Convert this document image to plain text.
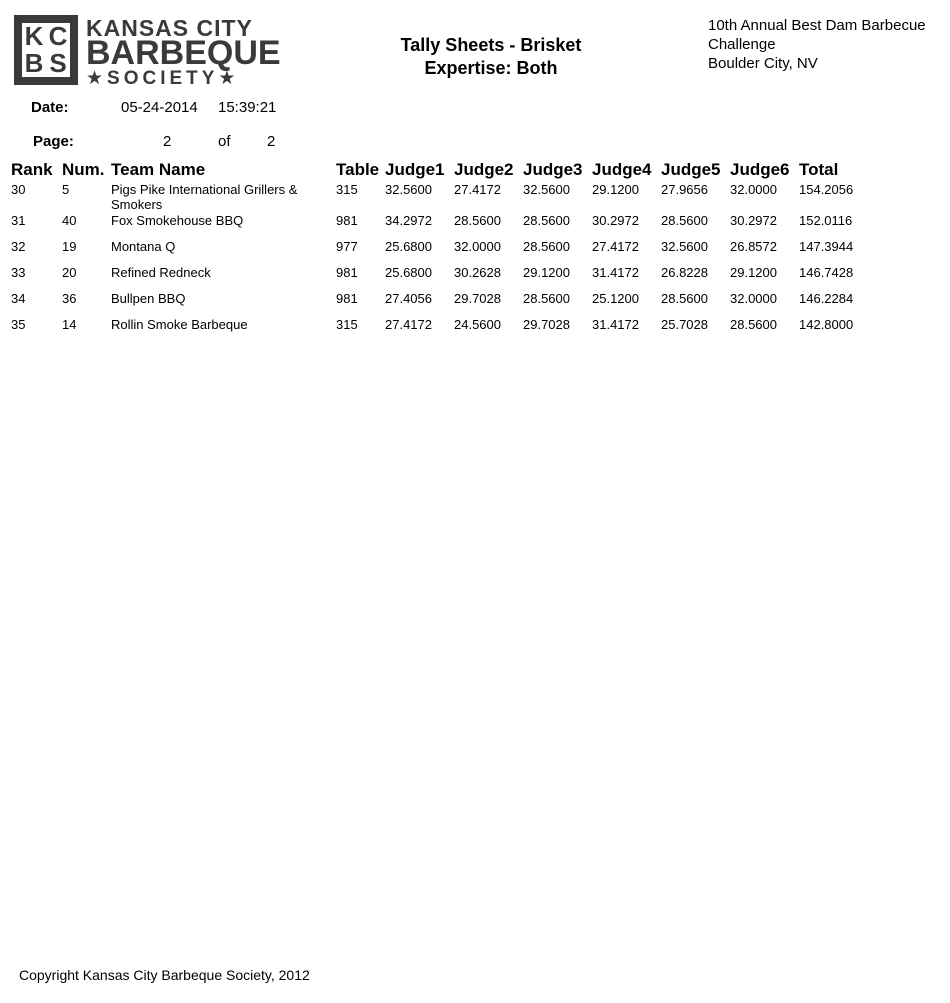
K C
B S
KANSAS CITY
BARBEQUE
★SOCIETY★
Tally Sheets - Brisket
Expertise: Both
10th Annual Best Dam Barbecue
Challenge
Boulder City, NV
Date:	05-24-2014 15:39:21
Page:	2	of 2
Rank	Num.	Team Name	Table	Judge1	Judge2	Judge3	Judge4	Judge5	Judge6	Total
30	5	Pigs Pike International Grillers & Smokers	315	32.5600	27.4172	32.5600	29.1200	27.9656	32.0000	154.2056
31	40	Fox Smokehouse BBQ	981	34.2972	28.5600	28.5600	30.2972	28.5600	30.2972	152.0116
32	19	Montana Q	977	25.6800	32.0000	28.5600	27.4172	32.5600	26.8572	147.3944
33	20	Refined Redneck	981	25.6800	30.2628	29.1200	31.4172	26.8228	29.1200	146.7428
34	36	Bullpen BBQ	981	27.4056	29.7028	28.5600	25.1200	28.5600	32.0000	146.2284
35	14	Rollin Smoke Barbeque	315	27.4172	24.5600	29.7028	31.4172	25.7028	28.5600	142.8000
Copyright Kansas City Barbeque Society, 2012
